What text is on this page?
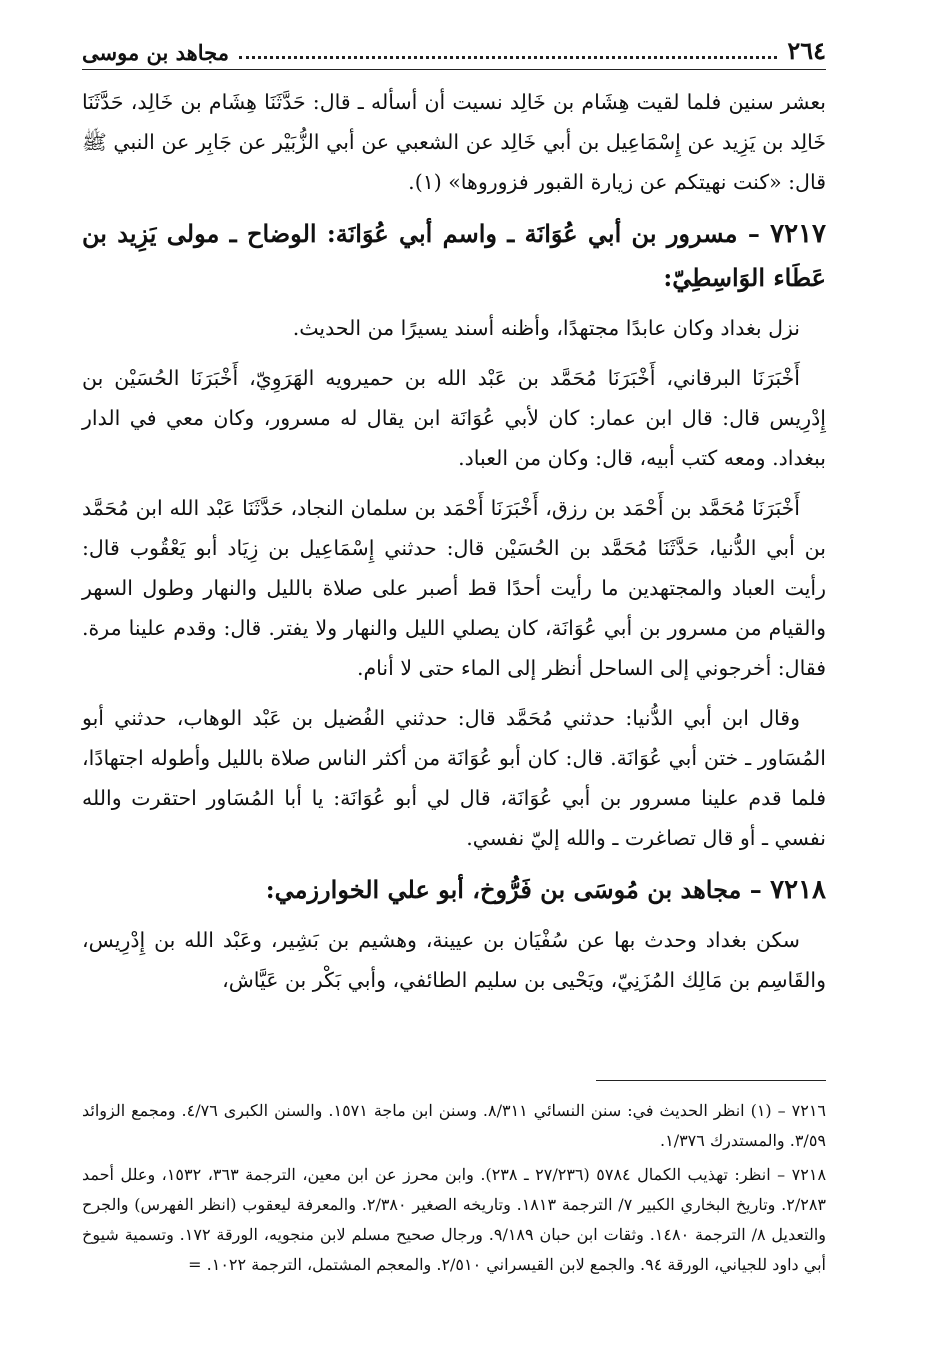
٢٦٤
مجاهد بن موسى

بعشر سنين فلما لقيت هِشَام بن خَالِد نسيت أن أسأله ـ قال: حَدَّثَنَا هِشَام بن خَالِد، حَدَّثَنَا خَالِد بن يَزِيد عن إِسْمَاعِيل بن أبي خَالِد عن الشعبي عن أبي الزُّبَيْر عن جَابِر عن النبي ﷺ قال: «كنت نهيتكم عن زيارة القبور فزوروها» (١).

٧٢١٧ – مسرور بن أبي عُوَانَة ـ واسم أبي عُوَانَة: الوضاح ـ مولى يَزِيد بن عَطَاء الوَاسِطِيّ:

نزل بغداد وكان عابدًا مجتهدًا، وأظنه أسند يسيرًا من الحديث.

أَخْبَرَنَا البرقاني، أَخْبَرَنَا مُحَمَّد بن عَبْد الله بن حميرويه الهَرَوِيّ، أَخْبَرَنَا الحُسَيْن بن إِدْرِيس قال: قال ابن عمار: كان لأبي عُوَانَة ابن يقال له مسرور، وكان معي في الدار ببغداد. ومعه كتب أبيه، قال: وكان من العباد.

أَخْبَرَنَا مُحَمَّد بن أَحْمَد بن رزق، أَخْبَرَنَا أَحْمَد بن سلمان النجاد، حَدَّثَنَا عَبْد الله ابن مُحَمَّد بن أبي الدُّنيا، حَدَّثَنَا مُحَمَّد بن الحُسَيْن قال: حدثني إِسْمَاعِيل بن زِيَاد أبو يَعْقُوب قال: رأيت العباد والمجتهدين ما رأيت أحدًا قط أصبر على صلاة بالليل والنهار وطول السهر والقيام من مسرور بن أبي عُوَانَة، كان يصلي الليل والنهار ولا يفتر. قال: وقدم علينا مرة. فقال: أخرجوني إلى الساحل أنظر إلى الماء حتى لا أنام.

وقال ابن أبي الدُّنيا: حدثني مُحَمَّد قال: حدثني الفُضيل بن عَبْد الوهاب، حدثني أبو المُسَاور ـ ختن أبي عُوَانَة. قال: كان أبو عُوَانَة من أكثر الناس صلاة بالليل وأطوله اجتهادًا، فلما قدم علينا مسرور بن أبي عُوَانَة، قال لي أبو عُوَانَة: يا أبا المُسَاور احتقرت والله نفسي ـ أو قال تصاغرت ـ والله إليّ نفسي.

٧٢١٨ – مجاهد بن مُوسَى بن فَرُّوخ، أبو علي الخوارزمي:

سكن بغداد وحدث بها عن سُفْيَان بن عيينة، وهشيم بن بَشِير، وعَبْد الله بن إِدْرِيس، والقَاسِم بن مَالِك المُزَنِيّ، ويَحْيى بن سليم الطائفي، وأبي بَكْر بن عَيَّاش،

٧٢١٦ – (١) انظر الحديث في: سنن النسائي ٨/٣١١. وسنن ابن ماجة ١٥٧١. والسنن الكبرى ٤/٧٦. ومجمع الزوائد ٣/٥٩. والمستدرك ١/٣٧٦.

٧٢١٨ – انظر: تهذيب الكمال ٥٧٨٤ (٢٧/٢٣٦ ـ ٢٣٨). وابن محرز عن ابن معين، الترجمة ٣٦٣، ١٥٣٢، وعلل أحمد ٢/٢٨٣. وتاريخ البخاري الكبير ٧/ الترجمة ١٨١٣. وتاريخه الصغير ٢/٣٨٠. والمعرفة ليعقوب (انظر الفهرس) والجرح والتعديل ٨/ الترجمة ١٤٨٠. وثقات ابن حبان ٩/١٨٩. ورجال صحيح مسلم لابن منجويه، الورقة ١٧٢. وتسمية شيوخ أبي داود للجياني، الورقة ٩٤. والجمع لابن القيسراني ٢/٥١٠. والمعجم المشتمل، الترجمة ١٠٢٢. =
